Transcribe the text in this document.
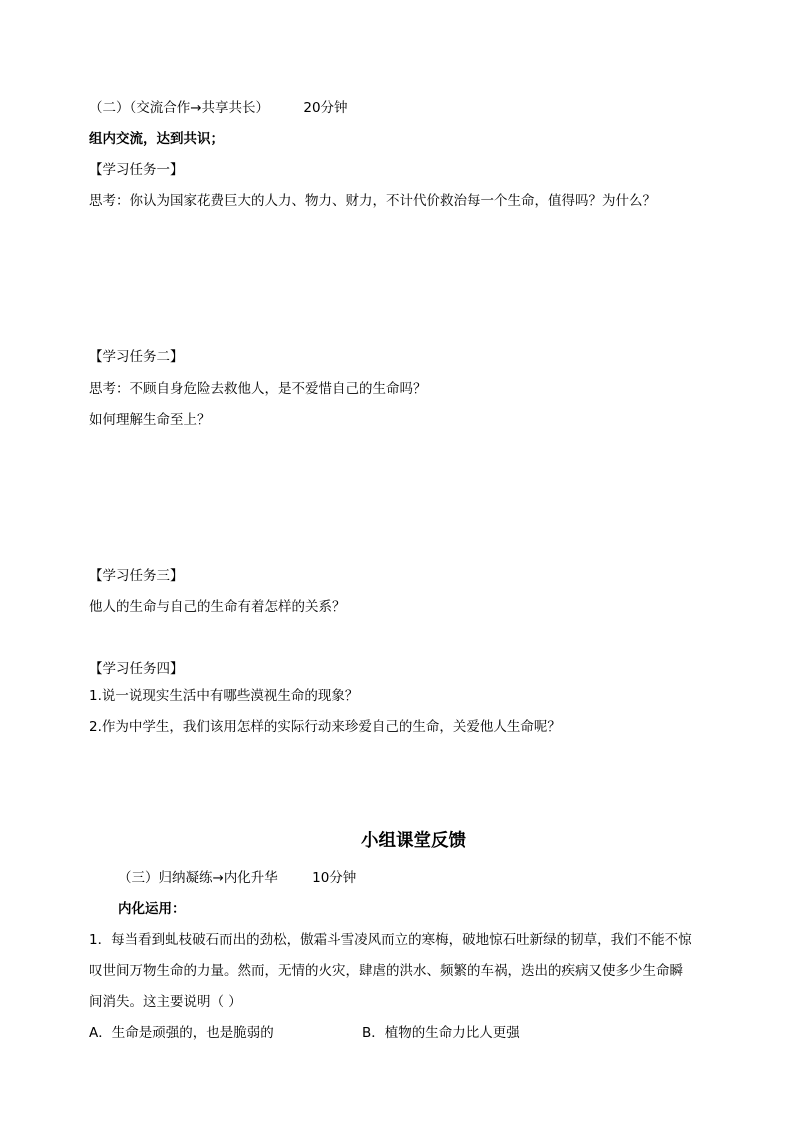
（二）（交流合作→共享共长）	20分钟
组内交流，达到共识；
【学习任务一】
思考：你认为国家花费巨大的人力、物力、财力，不计代价救治每一个生命，值得吗？为什么？
【学习任务二】
思考：不顾自身危险去救他人，是不爱惜自己的生命吗？
如何理解生命至上？
【学习任务三】
他人的生命与自己的生命有着怎样的关系？
【学习任务四】
1.说一说现实生活中有哪些漠视生命的现象？
2.作为中学生，我们该用怎样的实际行动来珍爱自己的生命，关爱他人生命呢？
小组课堂反馈
（三）归纳凝练→内化升华	10分钟
内化运用：
1．每当看到虬枝破石而出的劲松，傲霜斗雪凌风而立的寒梅，破地惊石吐新绿的韧草，我们不能不惊
叹世间万物生命的力量。然而，无情的火灾，肆虐的洪水、频繁的车祸，迭出的疾病又使多少生命瞬
间消失。这主要说明（ ）
A．生命是顽强的，也是脆弱的	B．植物的生命力比人更强
